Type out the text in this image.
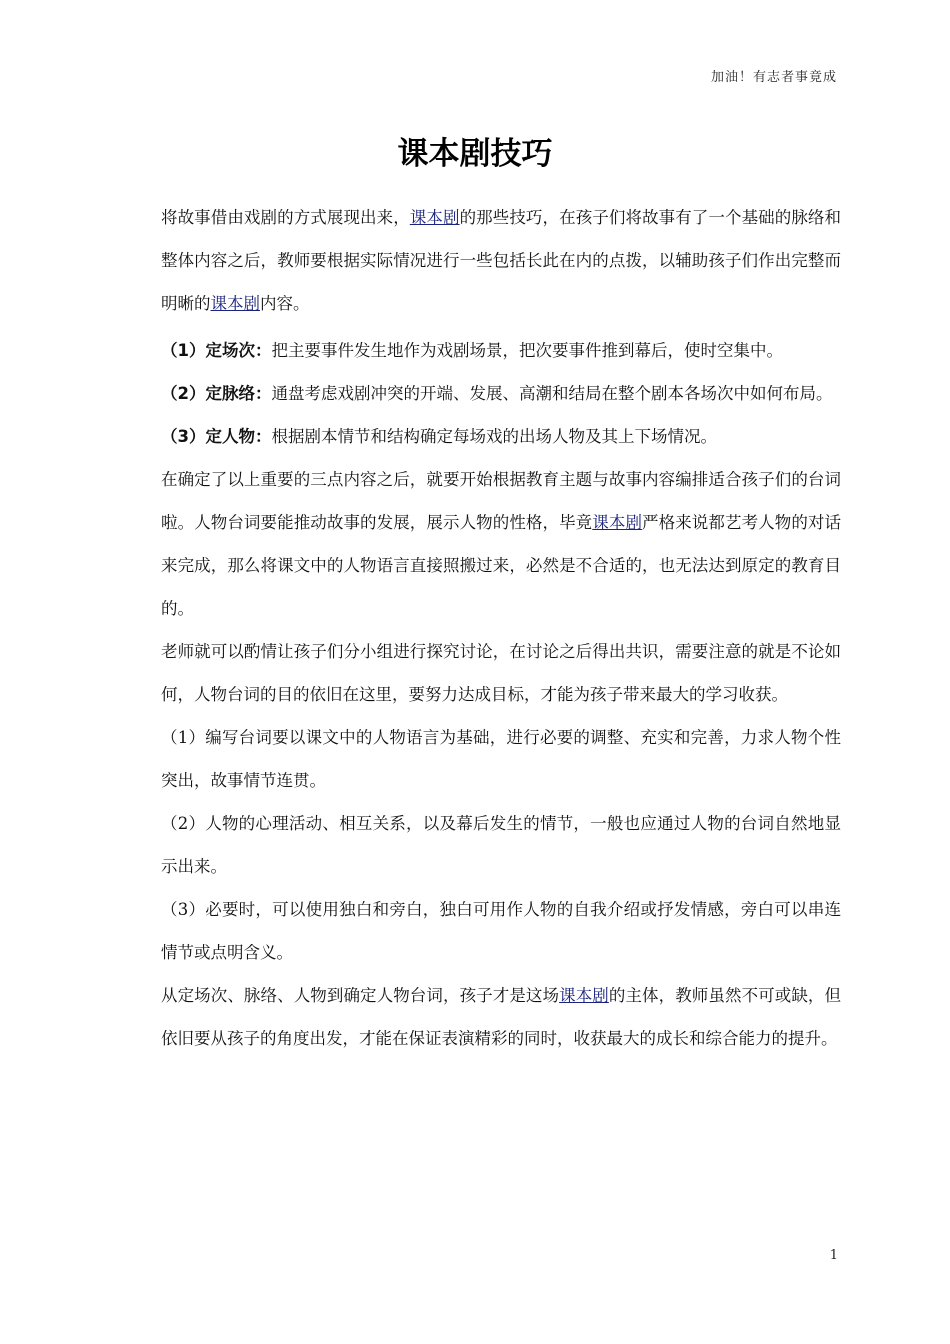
加油！有志者事竟成
课本剧技巧

将故事借由戏剧的方式展现出来，课本剧的那些技巧，在孩子们将故事有了一个基础的脉络和整体内容之后，教师要根据实际情况进行一些包括长此在内的点拨，以辅助孩子们作出完整而明晰的课本剧内容。

（1）定场次：把主要事件发生地作为戏剧场景，把次要事件推到幕后，使时空集中。

（2）定脉络：通盘考虑戏剧冲突的开端、发展、高潮和结局在整个剧本各场次中如何布局。

（3）定人物：根据剧本情节和结构确定每场戏的出场人物及其上下场情况。

在确定了以上重要的三点内容之后，就要开始根据教育主题与故事内容编排适合孩子们的台词啦。人物台词要能推动故事的发展，展示人物的性格，毕竟课本剧严格来说都艺考人物的对话来完成，那么将课文中的人物语言直接照搬过来，必然是不合适的，也无法达到原定的教育目的。

老师就可以酌情让孩子们分小组进行探究讨论，在讨论之后得出共识，需要注意的就是不论如何，人物台词的目的依旧在这里，要努力达成目标，才能为孩子带来最大的学习收获。

（1）编写台词要以课文中的人物语言为基础，进行必要的调整、充实和完善，力求人物个性突出，故事情节连贯。

（2）人物的心理活动、相互关系，以及幕后发生的情节，一般也应通过人物的台词自然地显示出来。

（3）必要时，可以使用独白和旁白，独白可用作人物的自我介绍或抒发情感，旁白可以串连情节或点明含义。

从定场次、脉络、人物到确定人物台词，孩子才是这场课本剧的主体，教师虽然不可或缺，但依旧要从孩子的角度出发，才能在保证表演精彩的同时，收获最大的成长和综合能力的提升。

1
